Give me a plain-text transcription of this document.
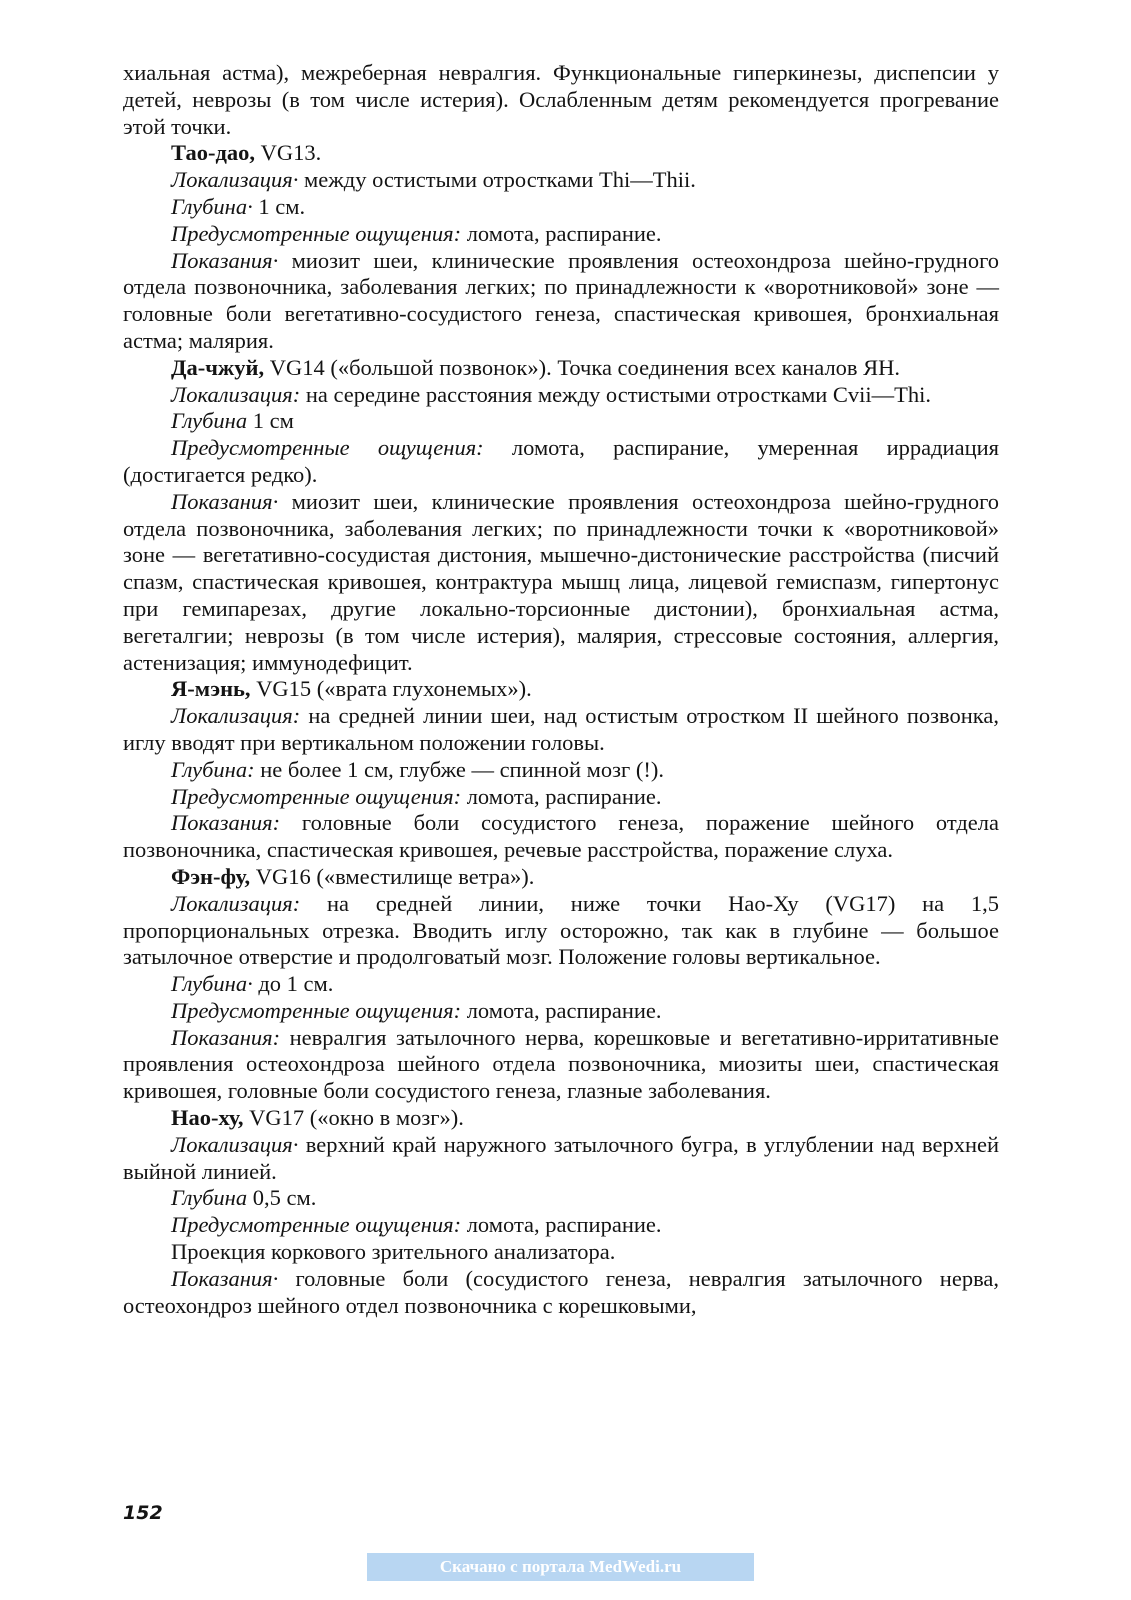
хиальная астма), межреберная невралгия. Функциональные гиперкинезы, диспепсии у детей, неврозы (в том числе истерия). Ослабленным детям рекомендуется прогревание этой точки.

Тао-дао, VG13.

Локализация· между остистыми отростками Thi—Thii.

Глубина· 1 см.

Предусмотренные ощущения: ломота, распирание.

Показания· миозит шеи, клинические проявления остеохондроза шейно-грудного отдела позвоночника, заболевания легких; по принадлежности к «воротниковой» зоне — головные боли вегетативно-сосудистого генеза, спастическая кривошея, бронхиальная астма; малярия.

Да-чжуй, VG14 («большой позвонок»). Точка соединения всех каналов ЯН.

Локализация: на середине расстояния между остистыми отростками Cvii—Thi.

Глубина 1 см

Предусмотренные ощущения: ломота, распирание, умеренная иррадиация (достигается редко).

Показания· миозит шеи, клинические проявления остеохондроза шейно-грудного отдела позвоночника, заболевания легких; по принадлежности точки к «воротниковой» зоне — вегетативно-сосудистая дистония, мышечно-дистонические расстройства (писчий спазм, спастическая кривошея, контрактура мышц лица, лицевой гемиспазм, гипертонус при гемипарезах, другие локально-торсионные дистонии), бронхиальная астма, вегеталгии; неврозы (в том числе истерия), малярия, стрессовые состояния, аллергия, астенизация; иммунодефицит.

Я-мэнь, VG15 («врата глухонемых»).

Локализация: на средней линии шеи, над остистым отростком II шейного позвонка, иглу вводят при вертикальном положении головы.

Глубина: не более 1 см, глубже — спинной мозг (!).

Предусмотренные ощущения: ломота, распирание.

Показания: головные боли сосудистого генеза, поражение шейного отдела позвоночника, спастическая кривошея, речевые расстройства, поражение слуха.

Фэн-фу, VG16 («вместилище ветра»).

Локализация: на средней линии, ниже точки Нао-Ху (VG17) на 1,5 пропорциональных отрезка. Вводить иглу осторожно, так как в глубине — большое затылочное отверстие и продолговатый мозг. Положение головы вертикальное.

Глубина· до 1 см.

Предусмотренные ощущения: ломота, распирание.

Показания: невралгия затылочного нерва, корешковые и вегетативно-ирритативные проявления остеохондроза шейного отдела позвоночника, миозиты шеи, спастическая кривошея, головные боли сосудистого генеза, глазные заболевания.

Нао-ху, VG17 («окно в мозг»).

Локализация· верхний край наружного затылочного бугра, в углублении над верхней выйной линией.

Глубина 0,5 см.

Предусмотренные ощущения: ломота, распирание.

Проекция коркового зрительного анализатора.

Показания· головные боли (сосудистого генеза, невралгия затылочного нерва, остеохондроз шейного отдел позвоночника с корешковыми,

152
Скачано с портала MedWedi.ru
